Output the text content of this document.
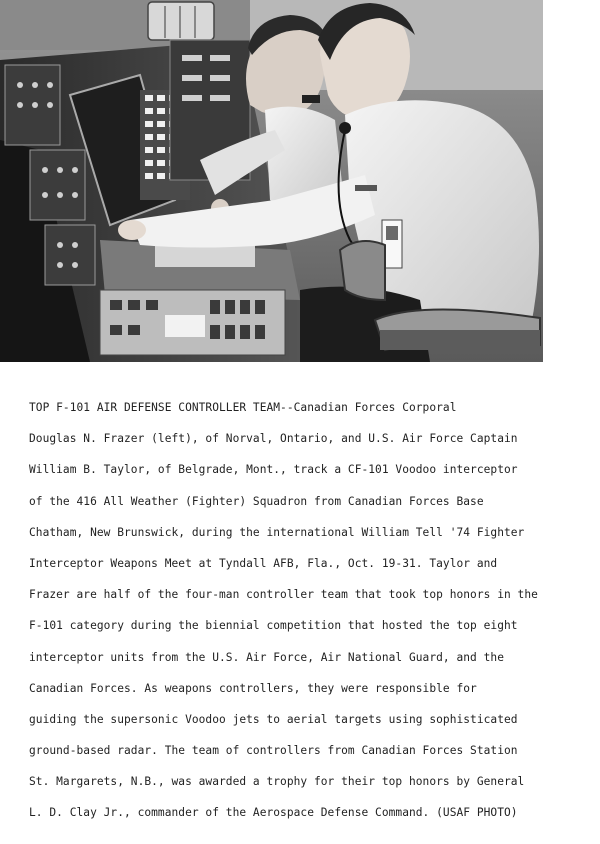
TOP F-101 AIR DEFENSE CONTROLLER TEAM--Canadian Forces Corporal
Douglas N. Frazer (left), of Norval, Ontario, and U.S. Air Force Captain
William B. Taylor, of Belgrade, Mont., track a CF-101 Voodoo interceptor
of the 416 All Weather (Fighter) Squadron from Canadian Forces Base
Chatham, New Brunswick, during the international William Tell '74 Fighter
Interceptor Weapons Meet at Tyndall AFB, Fla., Oct. 19-31. Taylor and
Frazer are half of the four-man controller team that took top honors in the
F-101 category during the biennial competition that hosted the top eight
interceptor units from the U.S. Air Force, Air National Guard, and the
Canadian Forces. As weapons controllers, they were responsible for
guiding the supersonic Voodoo jets to aerial targets using sophisticated
ground-based radar. The team of controllers from Canadian Forces Station
St. Margarets, N.B., was awarded a trophy for their top honors by General
L. D. Clay Jr., commander of the Aerospace Defense Command. (USAF PHOTO)
